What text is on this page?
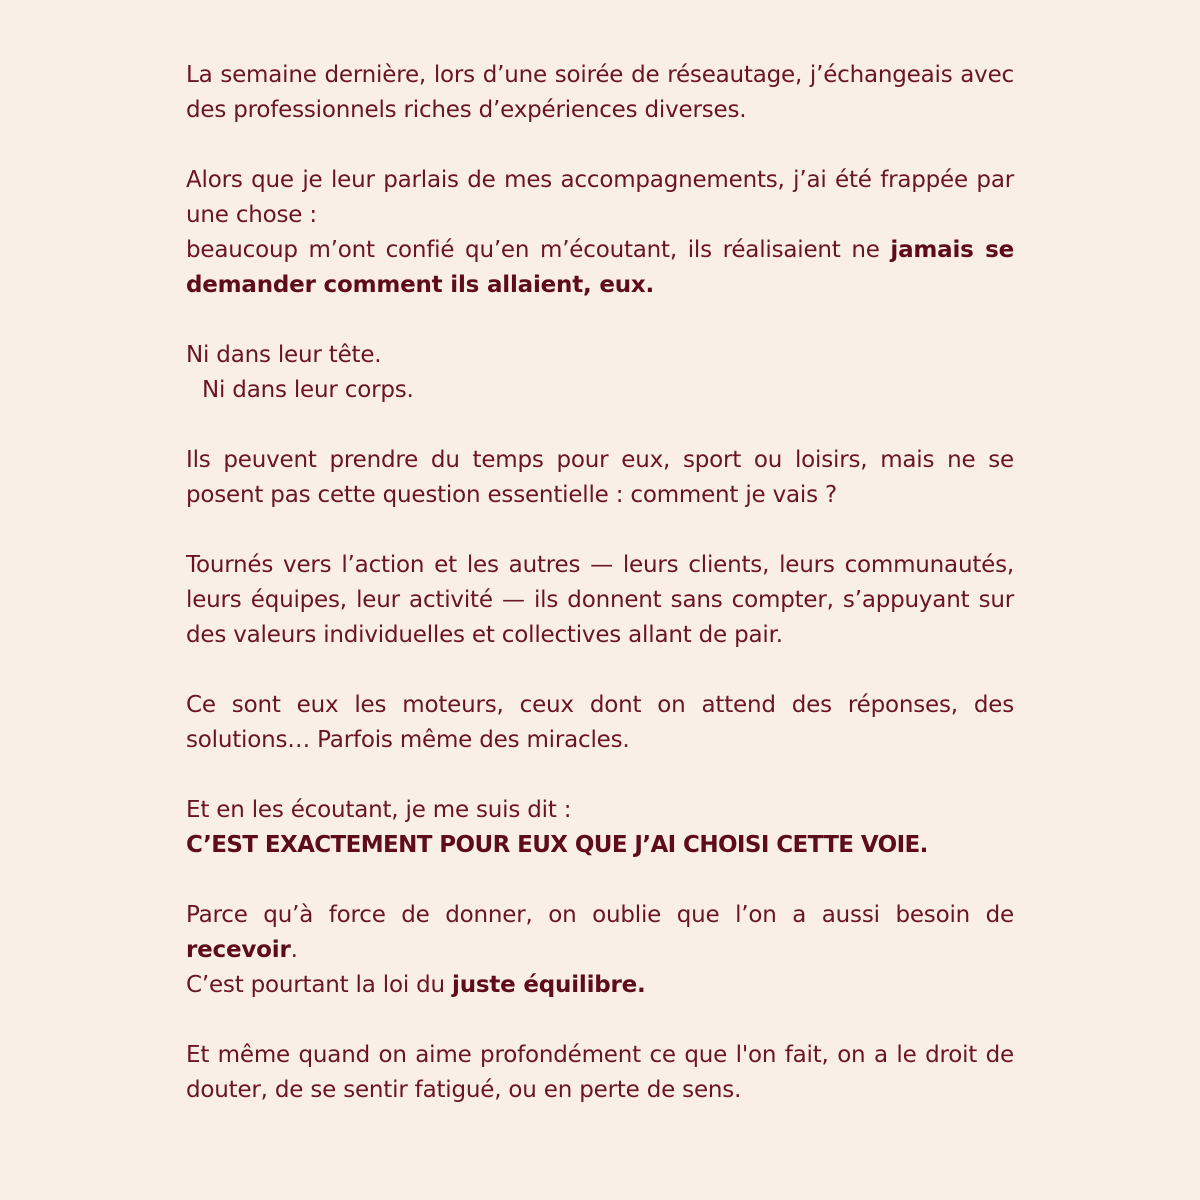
La semaine dernière, lors d’une soirée de réseautage, j’échangeais avec des professionnels riches d’expériences diverses.

Alors que je leur parlais de mes accompagnements, j’ai été frappée par une chose :
beaucoup m’ont confié qu’en m’écoutant, ils réalisaient ne jamais se demander comment ils allaient, eux.

Ni dans leur tête.
Ni dans leur corps.

Ils peuvent prendre du temps pour eux, sport ou loisirs, mais ne se posent pas cette question essentielle : comment je vais ?

Tournés vers l’action et les autres — leurs clients, leurs communautés, leurs équipes, leur activité — ils donnent sans compter, s’appuyant sur des valeurs individuelles et collectives allant de pair.

Ce sont eux les moteurs, ceux dont on attend des réponses, des solutions… Parfois même des miracles.

Et en les écoutant, je me suis dit :
C’EST EXACTEMENT POUR EUX QUE J’AI CHOISI CETTE VOIE.

Parce qu’à force de donner, on oublie que l’on a aussi besoin de recevoir.
C’est pourtant la loi du juste équilibre.

Et même quand on aime profondément ce que l'on fait, on a le droit de douter, de se sentir fatigué, ou en perte de sens.
